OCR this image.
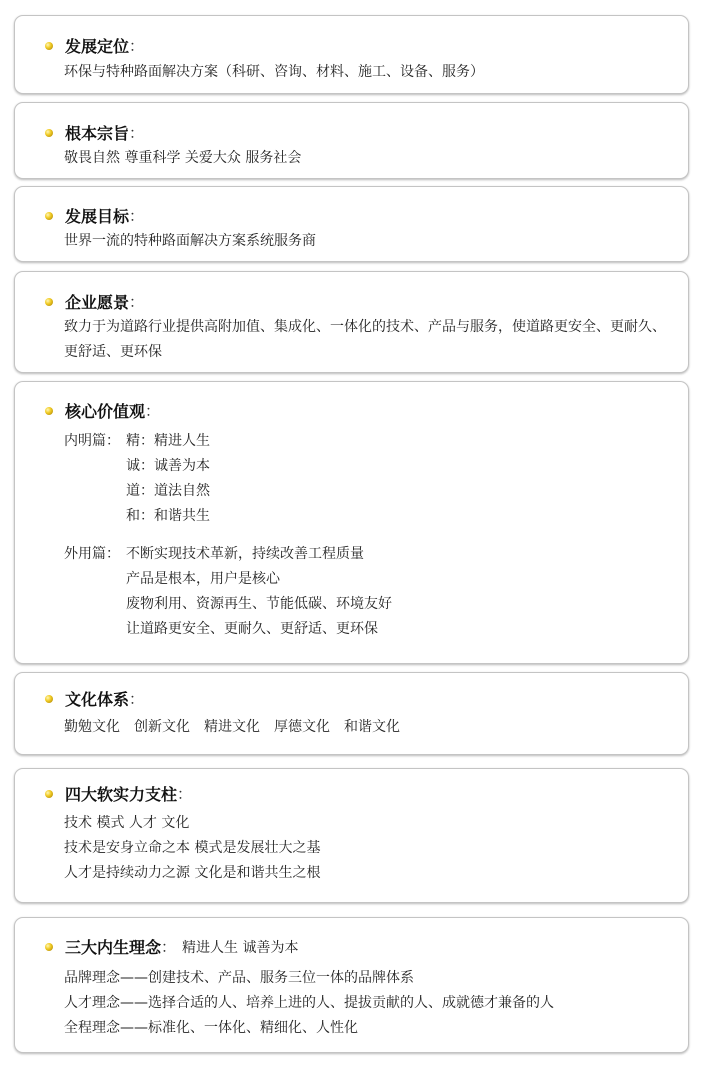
发展定位 ：
环保与特种路面解决方案（科研、咨询、材料、施工、设备、服务）
根本宗旨 ：
敬畏自然 尊重科学 关爱大众 服务社会
发展目标 ：
世界一流的特种路面解决方案系统服务商
企业愿景 ：
致力于为道路行业提供高附加值、集成化、一体化的技术、产品与服务，使道路更安全、更耐久、更舒适、更环保
核心价值观 ：
内明篇： 精：精进人生
诚：诚善为本
道：道法自然
和：和谐共生
外用篇： 不断实现技术革新，持续改善工程质量
产品是根本，用户是核心
废物利用、资源再生、节能低碳、环境友好
让道路更安全、更耐久、更舒适、更环保
文化体系 ：
勤勉文化 创新文化 精进文化 厚德文化 和谐文化
四大软实力支柱 ：
技术 模式 人才 文化
技术是安身立命之本 模式是发展壮大之基
人才是持续动力之源 文化是和谐共生之根
三大内生理念 ： 精进人生 诚善为本
品牌理念——创建技术、产品、服务三位一体的品牌体系
人才理念——选择合适的人、培养上进的人、提拔贡献的人、成就德才兼备的人
全程理念——标准化、一体化、精细化、人性化
